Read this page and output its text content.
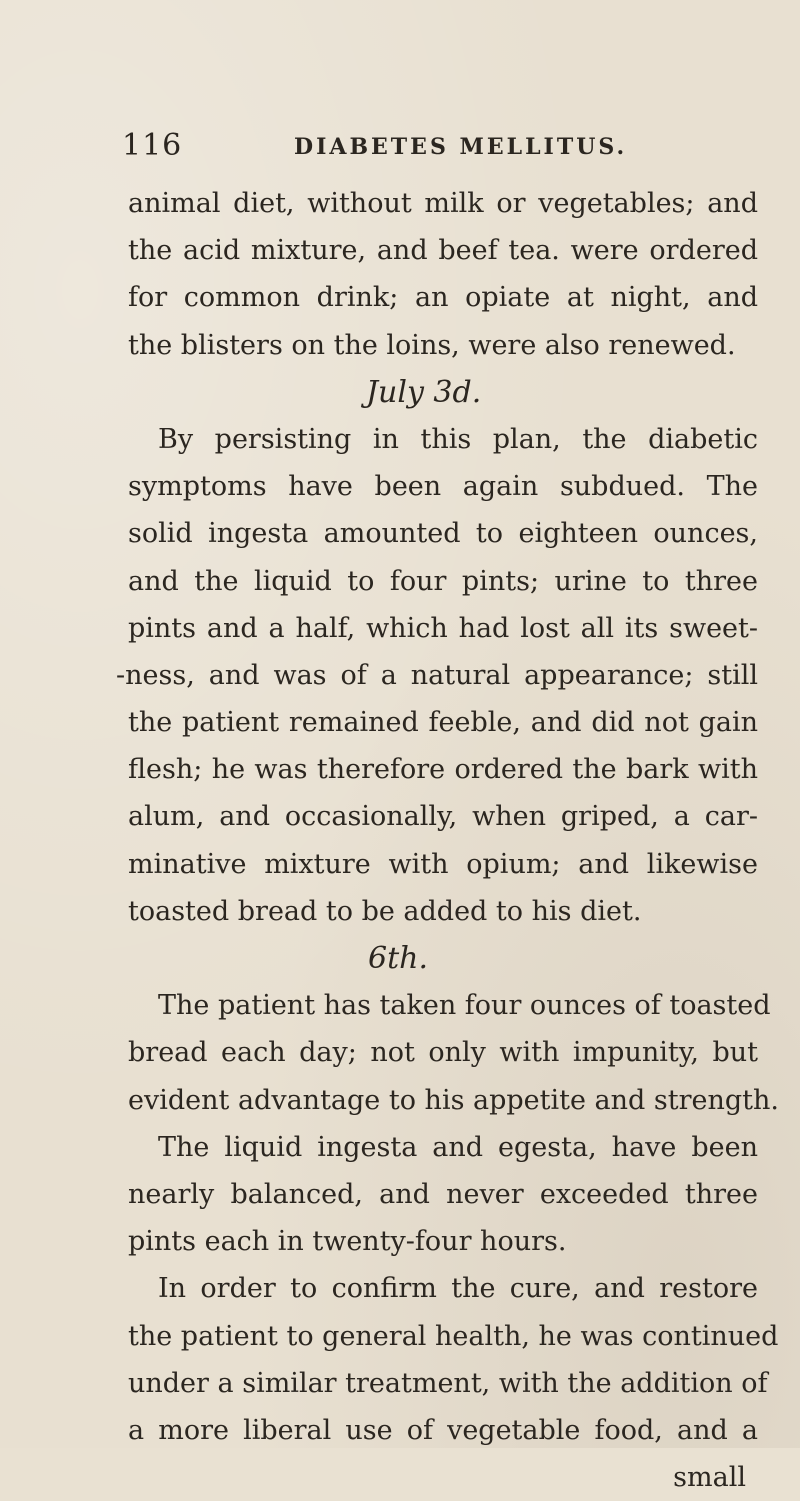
116	DIABETES MELLITUS.
animal diet, without milk or vegetables; and
the acid mixture, and beef tea. were ordered
for common drink; an opiate at night, and
the blisters on the loins, were also renewed.
July 3d.
By persisting in this plan, the diabetic
symptoms have been again subdued. The
solid ingesta amounted to eighteen ounces,
and the liquid to four pints; urine to three
pints and a half, which had lost all its sweet-
-ness, and was of a natural appearance; still
the patient remained feeble, and did not gain
flesh; he was therefore ordered the bark with
alum, and occasionally, when griped, a car-
minative mixture with opium; and likewise
toasted bread to be added to his diet.
6th.
The patient has taken four ounces of toasted
bread each day; not only with impunity, but
evident advantage to his appetite and strength.
The liquid ingesta and egesta, have been
nearly balanced, and never exceeded three
pints each in twenty-four hours.
In order to confirm the cure, and restore
the patient to general health, he was continued
under a similar treatment, with the addition of
a more liberal use of vegetable food, and a
small
